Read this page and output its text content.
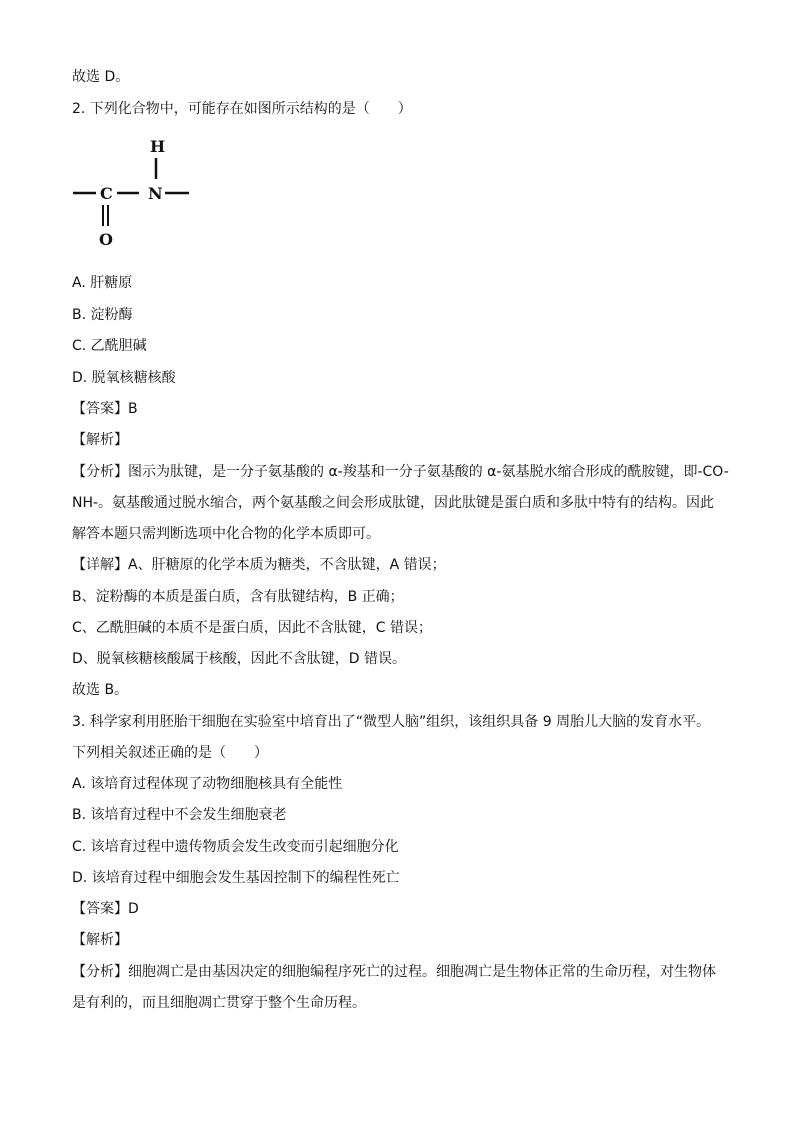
故选 D。
2. 下列化合物中，可能存在如图所示结构的是（　　）
C N
H
O
A. 肝糖原
B. 淀粉酶
C. 乙酰胆碱
D. 脱氧核糖核酸
【答案】B
【解析】
【分析】图示为肽键，是一分子氨基酸的 α-羧基和一分子氨基酸的 α-氨基脱水缩合形成的酰胺键，即-CO-
NH-。氨基酸通过脱水缩合，两个氨基酸之间会形成肽键，因此肽键是蛋白质和多肽中特有的结构。因此
解答本题只需判断选项中化合物的化学本质即可。
【详解】A、肝糖原的化学本质为糖类，不含肽键，A 错误；
B、淀粉酶的本质是蛋白质，含有肽键结构，B 正确；
C、乙酰胆碱的本质不是蛋白质，因此不含肽键，C 错误；
D、脱氧核糖核酸属于核酸，因此不含肽键，D 错误。
故选 B。
3. 科学家利用胚胎干细胞在实验室中培育出了“微型人脑”组织，该组织具备 9 周胎儿大脑的发育水平。
下列相关叙述正确的是（　　）
A. 该培育过程体现了动物细胞核具有全能性
B. 该培育过程中不会发生细胞衰老
C. 该培育过程中遗传物质会发生改变而引起细胞分化
D. 该培育过程中细胞会发生基因控制下的编程性死亡
【答案】D
【解析】
【分析】细胞凋亡是由基因决定的细胞编程序死亡的过程。细胞凋亡是生物体正常的生命历程，对生物体
是有利的，而且细胞凋亡贯穿于整个生命历程。
